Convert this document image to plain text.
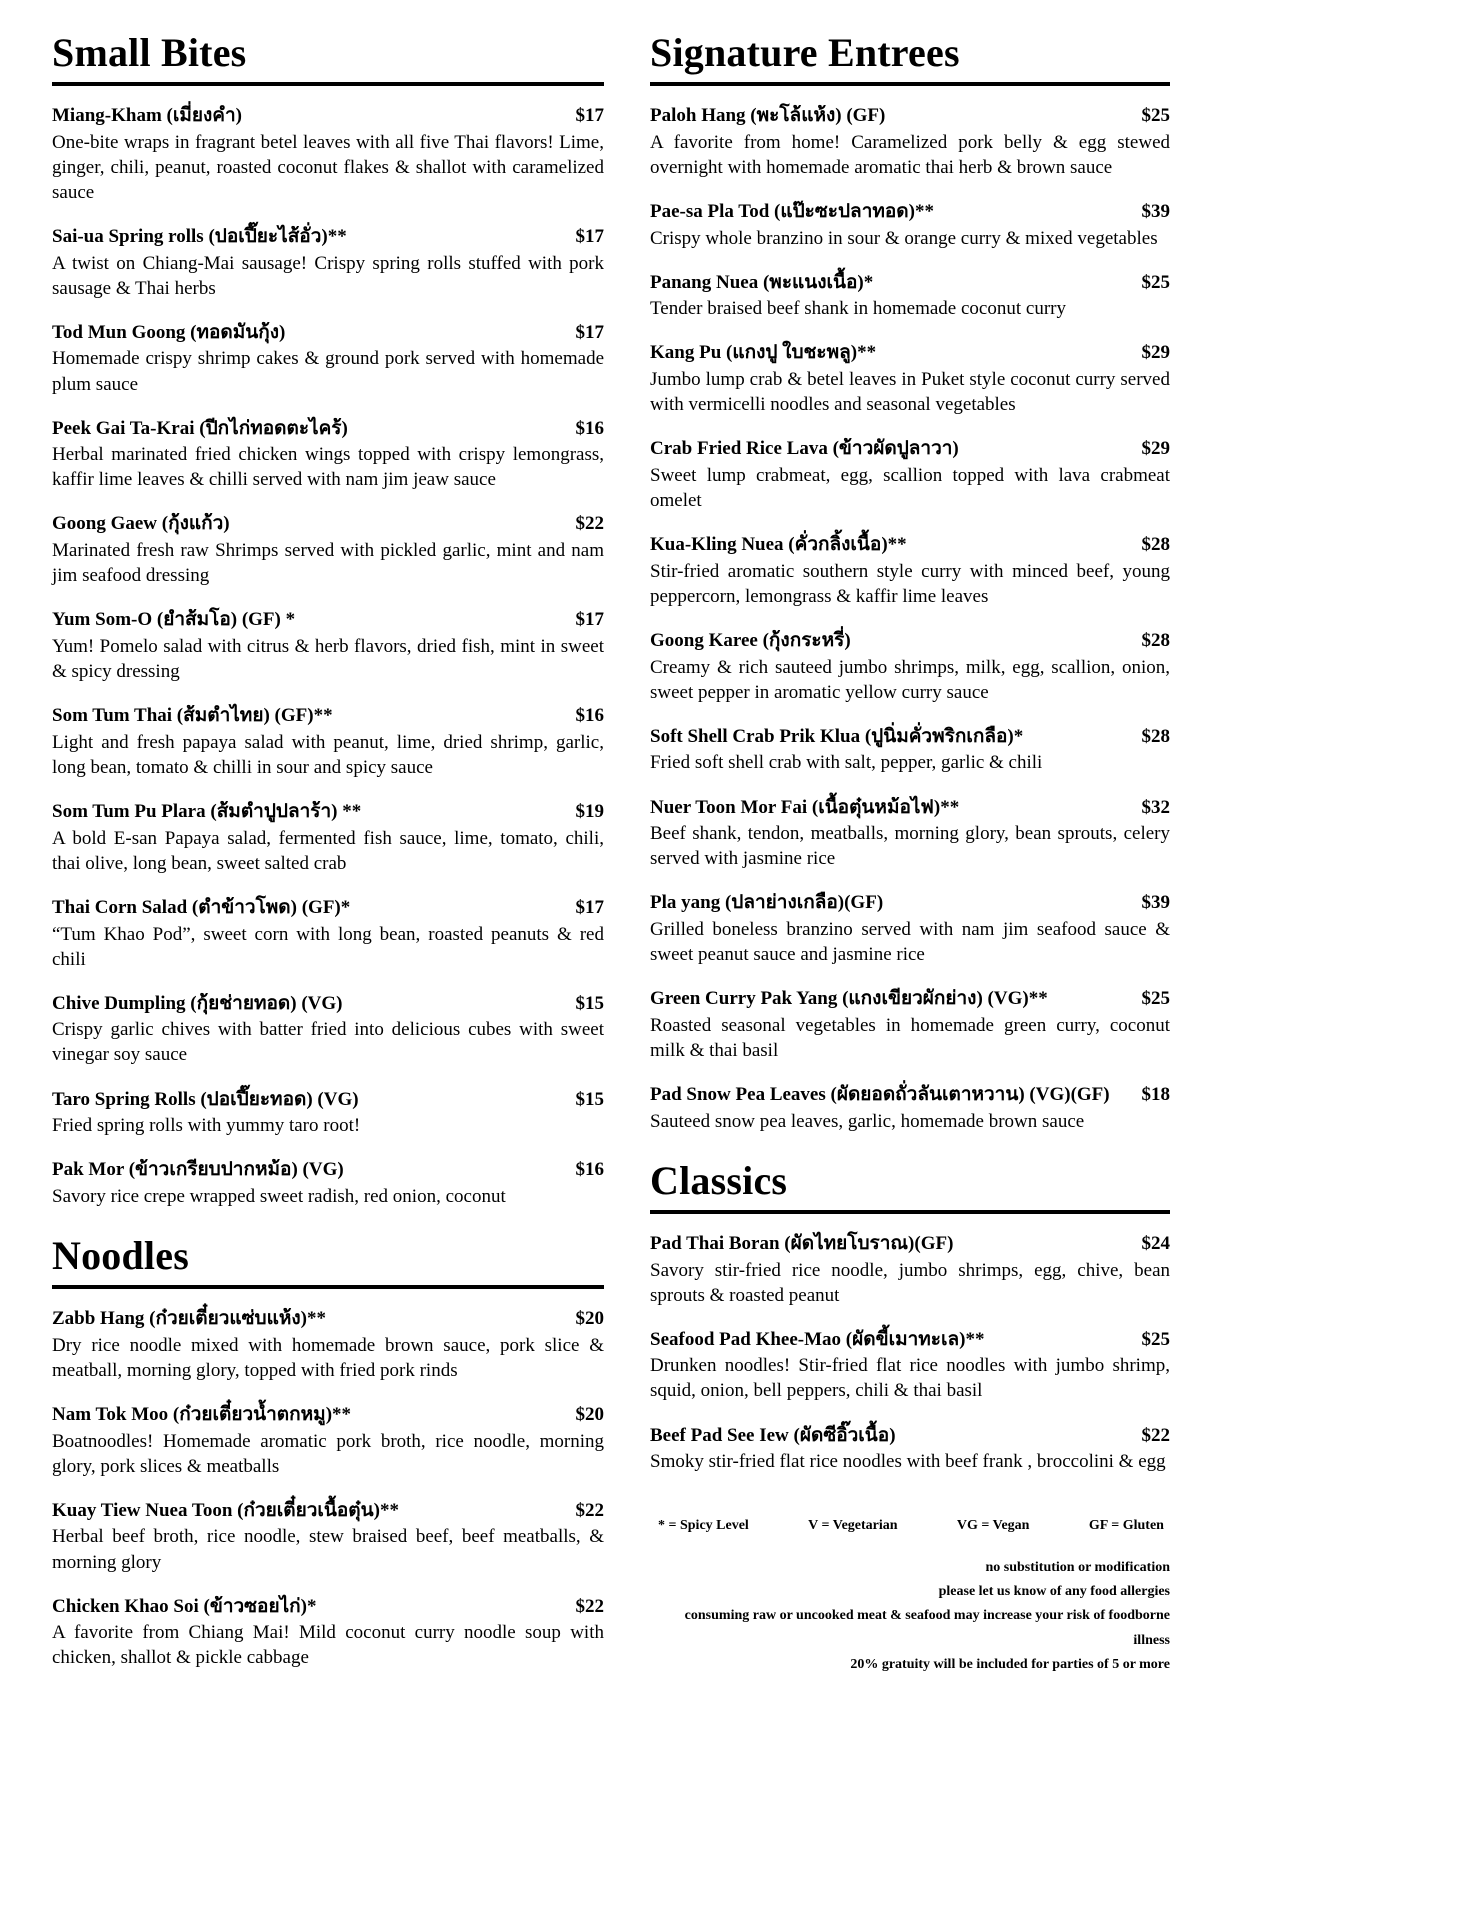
Small Bites
Miang-Kham (เมี่ยงคำ)	$17
One-bite wraps in fragrant betel leaves with all five Thai flavors! Lime, ginger, chili, peanut, roasted coconut flakes & shallot with caramelized sauce
Sai-ua Spring rolls (ปอเปี๊ยะไส้อั่ว)**	$17
A twist on Chiang-Mai sausage! Crispy spring rolls stuffed with pork sausage & Thai herbs
Tod Mun Goong (ทอดมันกุ้ง)	$17
Homemade crispy shrimp cakes & ground pork served with homemade plum sauce
Peek Gai Ta-Krai (ปีกไก่ทอดตะไคร้)	$16
Herbal marinated fried chicken wings topped with crispy lemongrass, kaffir lime leaves & chilli served with nam jim jeaw sauce
Goong Gaew (กุ้งแก้ว)	$22
Marinated fresh raw Shrimps served with pickled garlic, mint and nam jim seafood dressing
Yum Som-O (ยำส้มโอ) (GF) *	$17
Yum! Pomelo salad with citrus & herb flavors, dried fish, mint in sweet & spicy dressing
Som Tum Thai (ส้มตำไทย) (GF)**	$16
Light and fresh papaya salad with peanut, lime, dried shrimp, garlic, long bean, tomato & chilli in sour and spicy sauce
Som Tum Pu Plara (ส้มตำปูปลาร้า) **	$19
A bold E-san Papaya salad, fermented fish sauce, lime, tomato, chili, thai olive, long bean, sweet salted crab
Thai Corn Salad (ตำข้าวโพด) (GF)*	$17
“Tum Khao Pod”, sweet corn with long bean, roasted peanuts & red chili
Chive Dumpling (กุ้ยช่ายทอด) (VG)	$15
Crispy garlic chives with batter fried into delicious cubes with sweet vinegar soy sauce
Taro Spring Rolls (ปอเปี๊ยะทอด) (VG)	$15
Fried spring rolls with yummy taro root!
Pak Mor (ข้าวเกรียบปากหม้อ) (VG)	$16
Savory rice crepe wrapped sweet radish, red onion, coconut
Noodles
Zabb Hang (ก๋วยเตี๋ยวแซ่บแห้ง)**	$20
Dry rice noodle mixed with homemade brown sauce, pork slice & meatball, morning glory, topped with fried pork rinds
Nam Tok Moo (ก๋วยเตี๋ยวน้ำตกหมู)**	$20
Boatnoodles! Homemade aromatic pork broth, rice noodle, morning glory, pork slices & meatballs
Kuay Tiew Nuea Toon (ก๋วยเตี๋ยวเนื้อตุ๋น)**	$22
Herbal beef broth, rice noodle, stew braised beef, beef meatballs, & morning glory
Chicken Khao Soi (ข้าวซอยไก่)*	$22
A favorite from Chiang Mai! Mild coconut curry noodle soup with chicken, shallot & pickle cabbage
Signature Entrees
Paloh Hang (พะโล้แห้ง) (GF)	$25
A favorite from home! Caramelized pork belly & egg stewed overnight with homemade aromatic thai herb & brown sauce
Pae-sa Pla Tod (แป๊ะซะปลาทอด)**	$39
Crispy whole branzino in sour & orange curry & mixed vegetables
Panang Nuea (พะแนงเนื้อ)*	$25
Tender braised beef shank in homemade coconut curry
Kang Pu (แกงปู ใบชะพลู)**	$29
Jumbo lump crab & betel leaves in Puket style coconut curry served with vermicelli noodles and seasonal vegetables
Crab Fried Rice Lava (ข้าวผัดปูลาวา)	$29
Sweet lump crabmeat, egg, scallion topped with lava crabmeat omelet
Kua-Kling Nuea (คั่วกลิ้งเนื้อ)**	$28
Stir-fried aromatic southern style curry with minced beef, young peppercorn, lemongrass & kaffir lime leaves
Goong Karee (กุ้งกระหรี่)	$28
Creamy & rich sauteed jumbo shrimps, milk, egg, scallion, onion, sweet pepper in aromatic yellow curry sauce
Soft Shell Crab Prik Klua (ปูนิ่มคั่วพริกเกลือ)*	$28
Fried soft shell crab with salt, pepper, garlic & chili
Nuer Toon Mor Fai (เนื้อตุ๋นหม้อไฟ)**	$32
Beef shank, tendon, meatballs, morning glory, bean sprouts, celery served with jasmine rice
Pla yang (ปลาย่างเกลือ)(GF)	$39
Grilled boneless branzino served with nam jim seafood sauce & sweet peanut sauce and jasmine rice
Green Curry Pak Yang (แกงเขียวผักย่าง) (VG)**	$25
Roasted seasonal vegetables in homemade green curry, coconut milk & thai basil
Pad Snow Pea Leaves (ผัดยอดถั่วลันเตาหวาน) (VG)(GF) $18
Sauteed snow pea leaves, garlic, homemade brown sauce
Classics
Pad Thai Boran (ผัดไทยโบราณ)(GF)	$24
Savory stir-fried rice noodle, jumbo shrimps, egg, chive, bean sprouts & roasted peanut
Seafood Pad Khee-Mao (ผัดขี้เมาทะเล)**	$25
Drunken noodles! Stir-fried flat rice noodles with jumbo shrimp, squid, onion, bell peppers, chili & thai basil
Beef Pad See Iew (ผัดซีอิ๊วเนื้อ)	$22
Smoky stir-fried flat rice noodles with beef frank , broccolini & egg
* = Spicy Level	V = Vegetarian	VG = Vegan	GF = Gluten
no substitution or modification
please let us know of any food allergies
consuming raw or uncooked meat & seafood may increase your risk of foodborne illness
20% gratuity will be included for parties of 5 or more
